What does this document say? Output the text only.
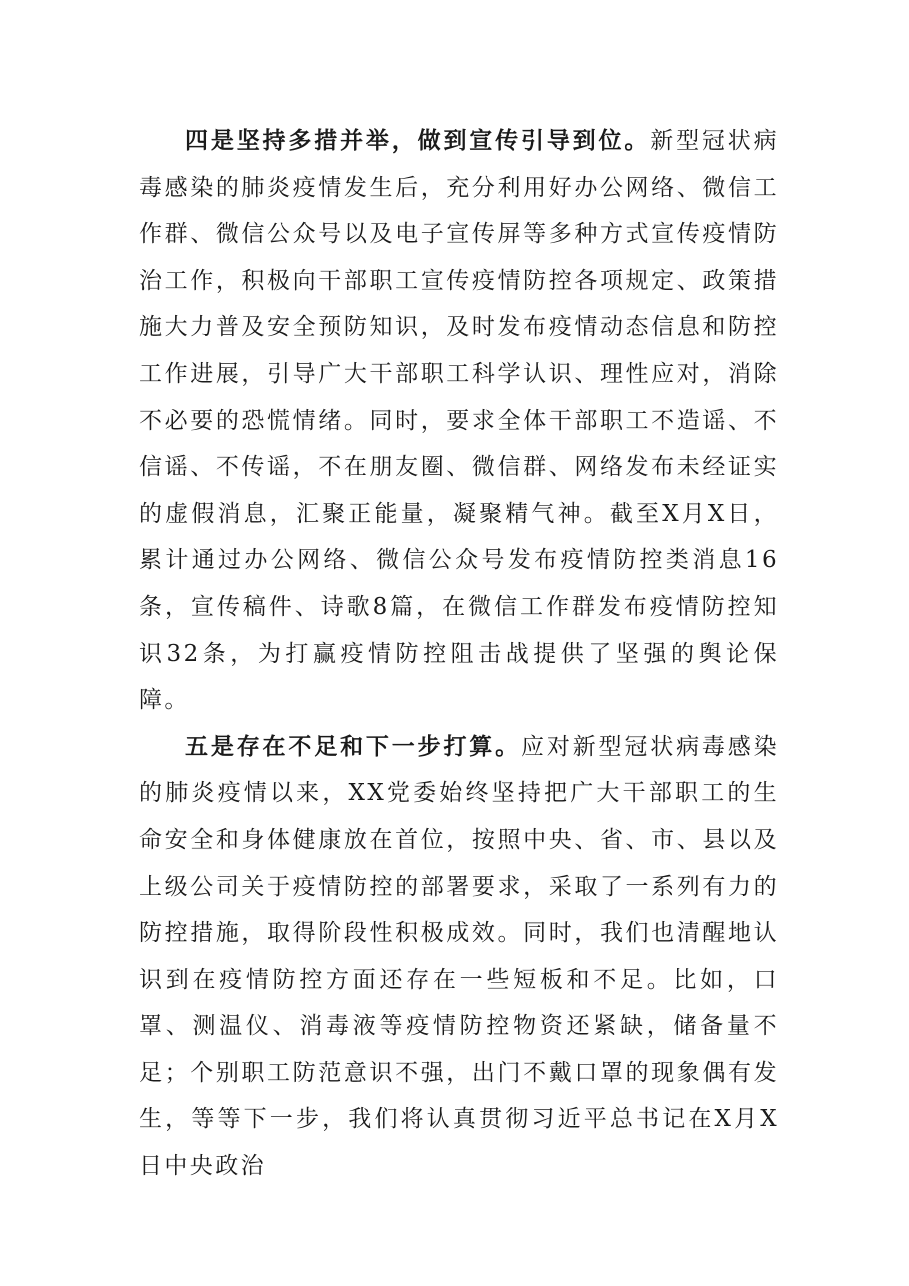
四是坚持多措并举，做到宣传引导到位。新型冠状病毒感染的肺炎疫情发生后，充分利用好办公网络、微信工作群、微信公众号以及电子宣传屏等多种方式宣传疫情防治工作，积极向干部职工宣传疫情防控各项规定、政策措施大力普及安全预防知识，及时发布疫情动态信息和防控工作进展，引导广大干部职工科学认识、理性应对，消除不必要的恐慌情绪。同时，要求全体干部职工不造谣、不信谣、不传谣，不在朋友圈、微信群、网络发布未经证实的虚假消息，汇聚正能量，凝聚精气神。截至X月X日，累计通过办公网络、微信公众号发布疫情防控类消息16条，宣传稿件、诗歌8篇，在微信工作群发布疫情防控知识32条，为打赢疫情防控阻击战提供了坚强的舆论保障。

五是存在不足和下一步打算。应对新型冠状病毒感染的肺炎疫情以来，XX党委始终坚持把广大干部职工的生命安全和身体健康放在首位，按照中央、省、市、县以及上级公司关于疫情防控的部署要求，采取了一系列有力的防控措施，取得阶段性积极成效。同时，我们也清醒地认识到在疫情防控方面还存在一些短板和不足。比如，口罩、测温仪、消毒液等疫情防控物资还紧缺，储备量不足；个别职工防范意识不强，出门不戴口罩的现象偶有发生，等等下一步，我们将认真贯彻习近平总书记在X月X日中央政治
